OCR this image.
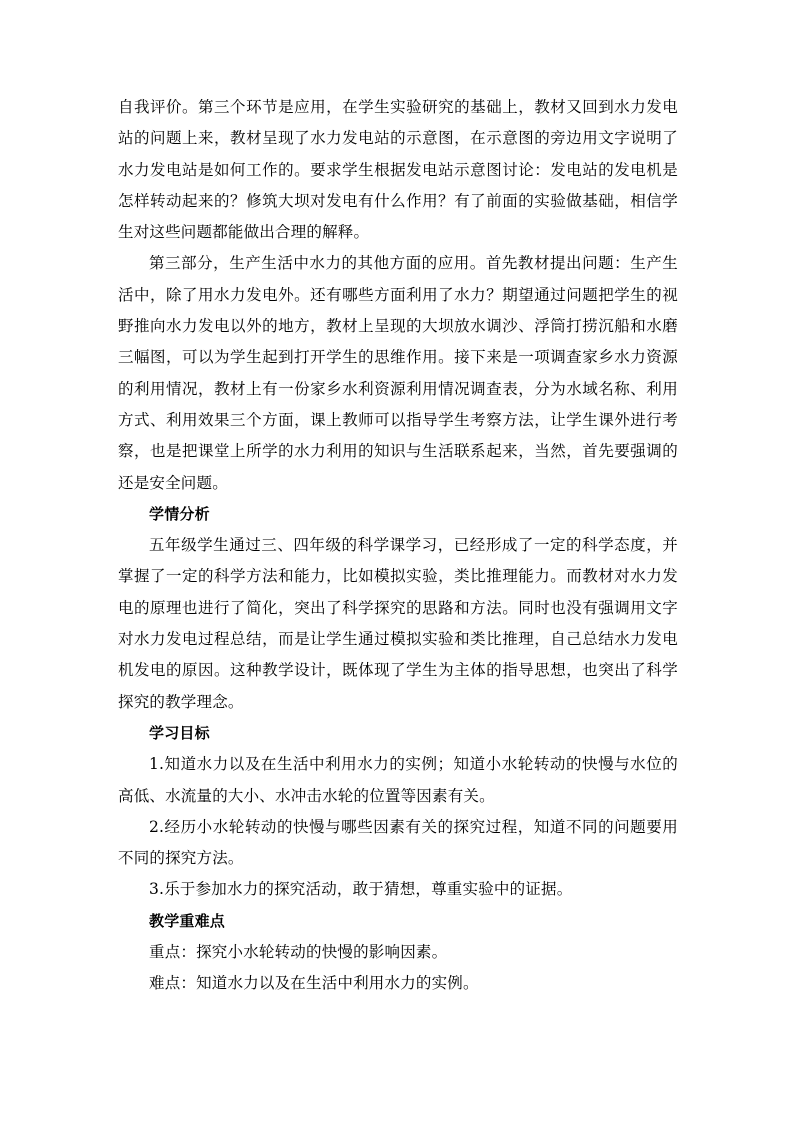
自我评价。第三个环节是应用，在学生实验研究的基础上，教材又回到水力发电站的问题上来，教材呈现了水力发电站的示意图，在示意图的旁边用文字说明了水力发电站是如何工作的。要求学生根据发电站示意图讨论：发电站的发电机是怎样转动起来的？修筑大坝对发电有什么作用？有了前面的实验做基础，相信学生对这些问题都能做出合理的解释。

第三部分，生产生活中水力的其他方面的应用。首先教材提出问题：生产生活中，除了用水力发电外。还有哪些方面利用了水力？期望通过问题把学生的视野推向水力发电以外的地方，教材上呈现的大坝放水调沙、浮筒打捞沉船和水磨三幅图，可以为学生起到打开学生的思维作用。接下来是一项调查家乡水力资源的利用情况，教材上有一份家乡水利资源利用情况调查表，分为水域名称、利用方式、利用效果三个方面，课上教师可以指导学生考察方法，让学生课外进行考察，也是把课堂上所学的水力利用的知识与生活联系起来，当然，首先要强调的还是安全问题。

学情分析

五年级学生通过三、四年级的科学课学习，已经形成了一定的科学态度，并掌握了一定的科学方法和能力，比如模拟实验，类比推理能力。而教材对水力发电的原理也进行了简化，突出了科学探究的思路和方法。同时也没有强调用文字对水力发电过程总结，而是让学生通过模拟实验和类比推理，自己总结水力发电机发电的原因。这种教学设计，既体现了学生为主体的指导思想，也突出了科学探究的教学理念。

学习目标

1.知道水力以及在生活中利用水力的实例；知道小水轮转动的快慢与水位的高低、水流量的大小、水冲击水轮的位置等因素有关。

2.经历小水轮转动的快慢与哪些因素有关的探究过程，知道不同的问题要用不同的探究方法。

3.乐于参加水力的探究活动，敢于猜想，尊重实验中的证据。

教学重难点

重点：探究小水轮转动的快慢的影响因素。

难点：知道水力以及在生活中利用水力的实例。
